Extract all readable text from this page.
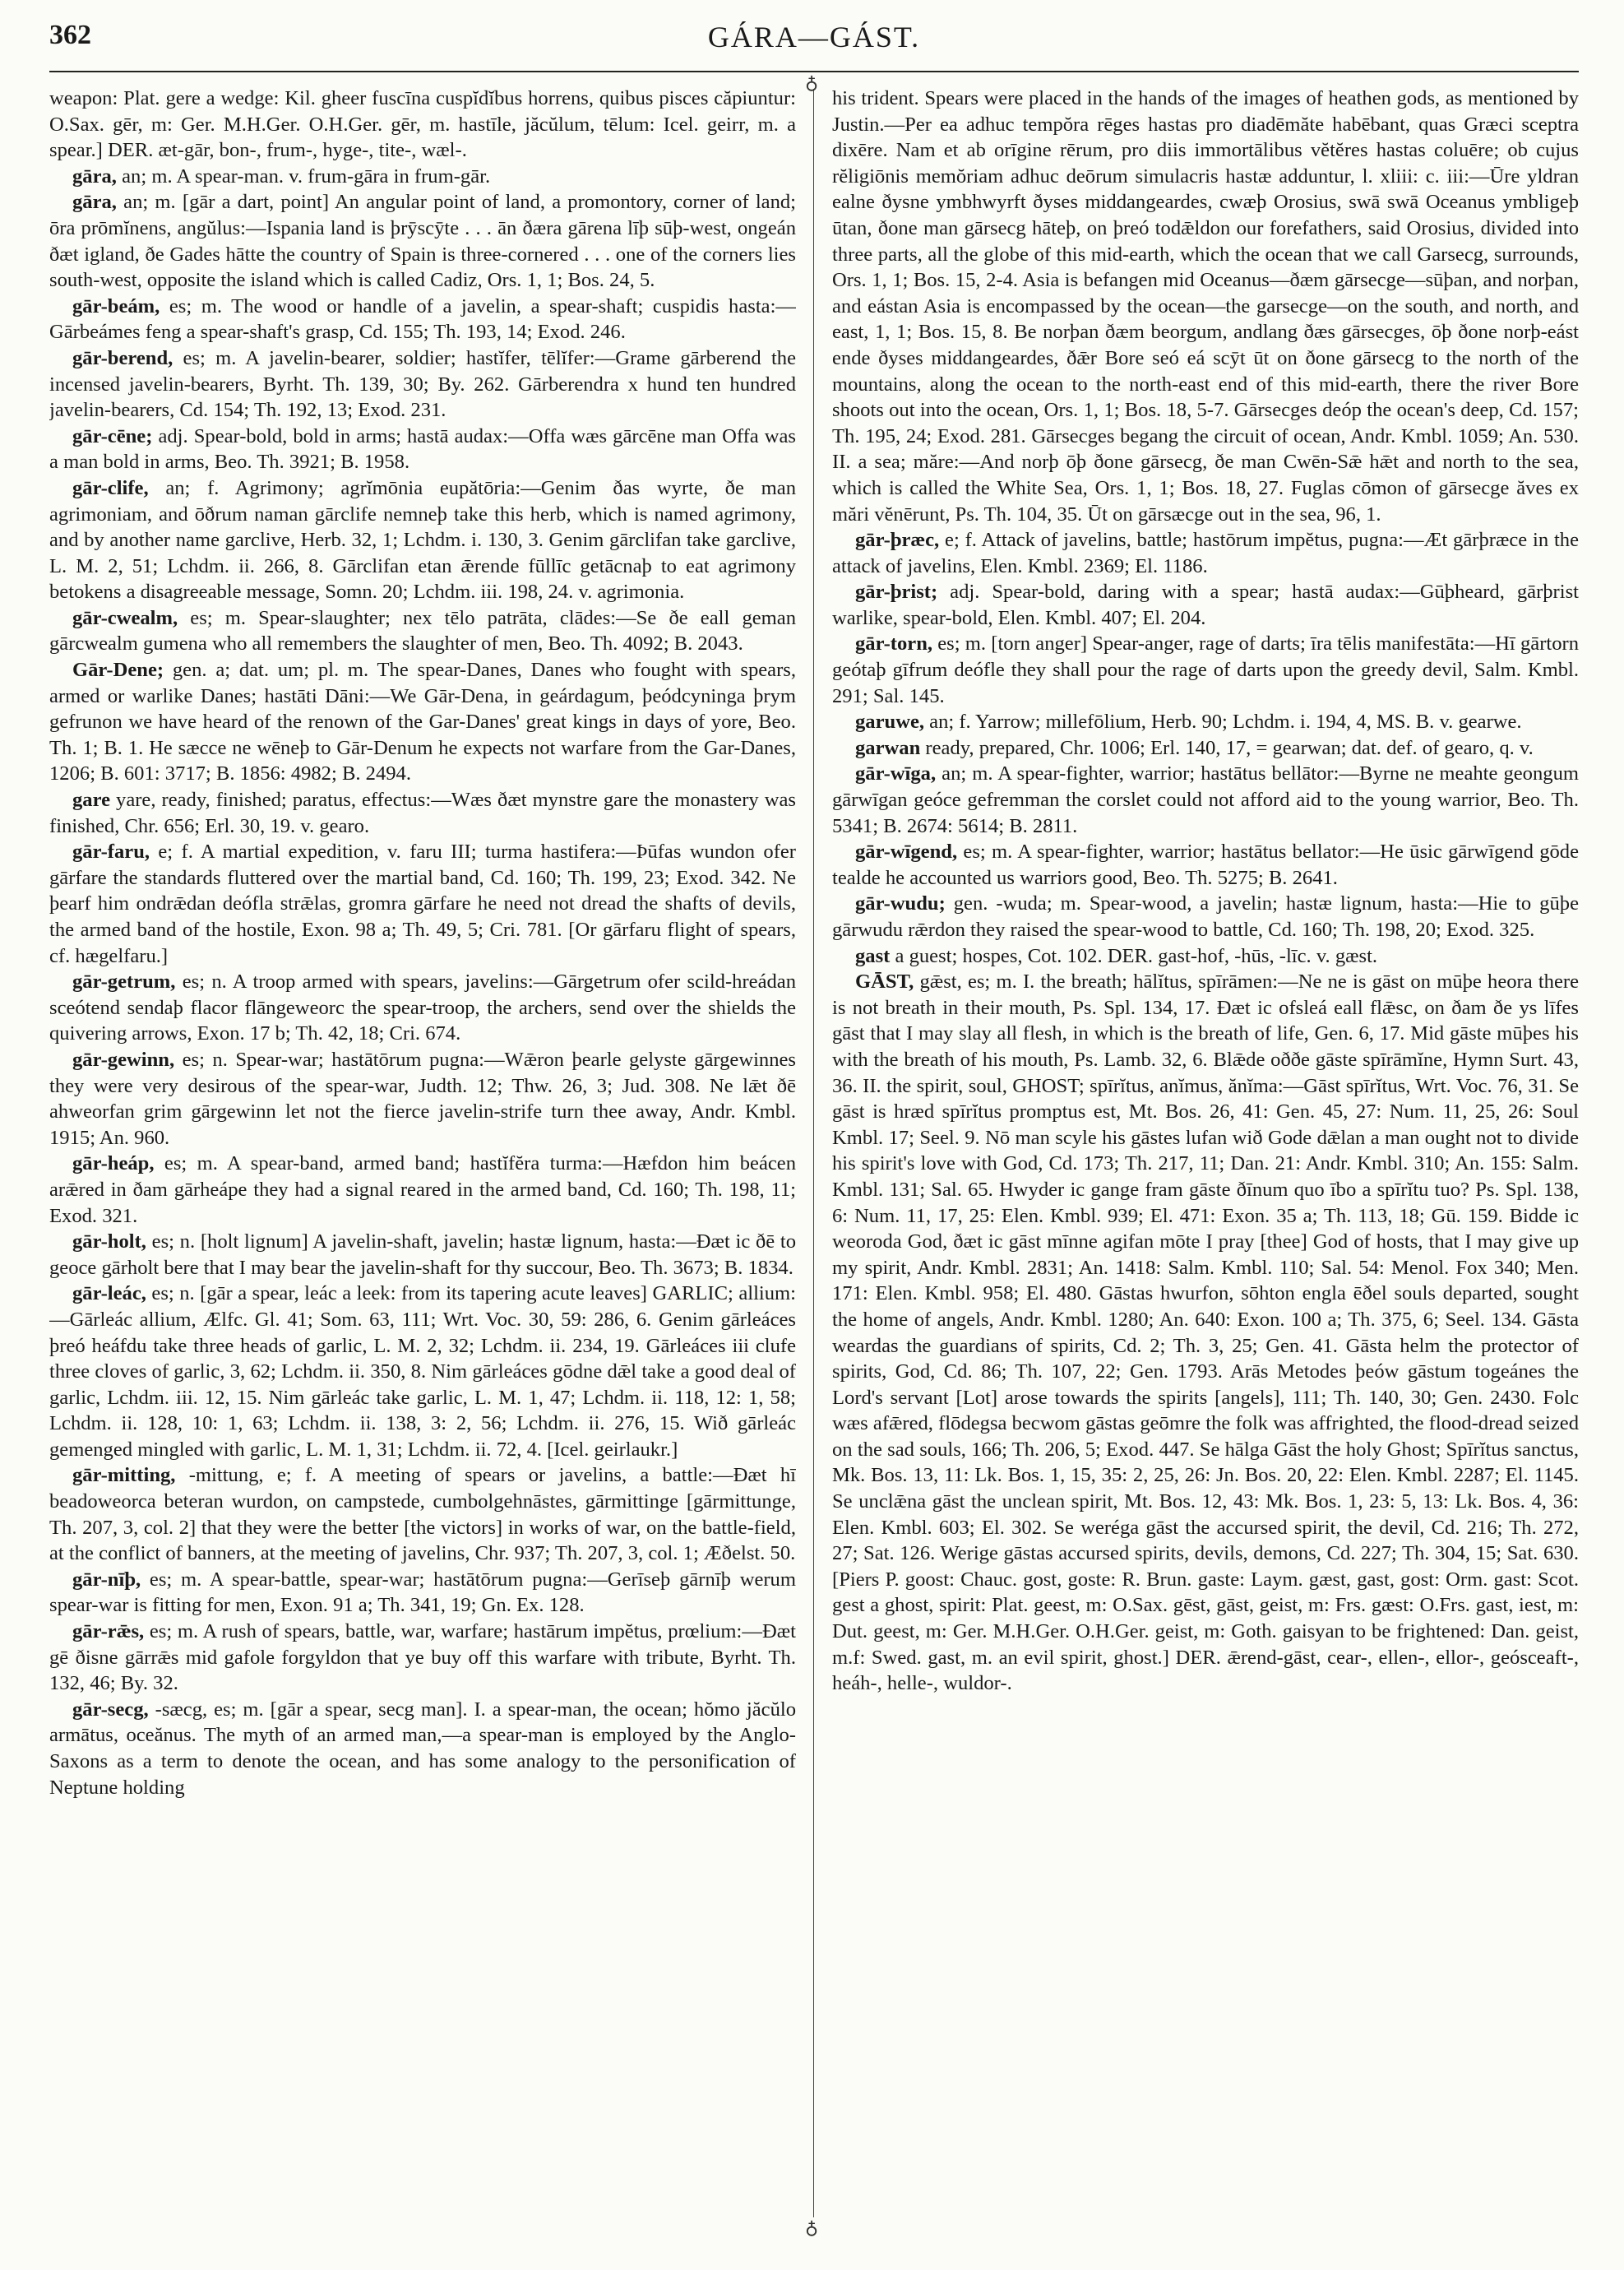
362	GÁRA—GÁST.

weapon: Plat. gere a wedge: Kil. gheer fuscīna cuspĭdĭbus horrens, quibus pisces căpiuntur: O.Sax. gēr, m: Ger. M.H.Ger. O.H.Ger. gēr, m. hastīle, jăcŭlum, tēlum: Icel. geirr, m. a spear.] DER. æt-gār, bon-, frum-, hyge-, tite-, wæl-.

gāra, an; m. A spear-man. v. frum-gāra in frum-gār.

gāra, an; m. [gār a dart, point] An angular point of land, a promontory, corner of land; ōra prōmĭnens, angŭlus:—Ispania land is þrȳscȳte . . . ān ðæra gārena līþ sūþ-west, ongeán ðæt igland, ðe Gades hātte the country of Spain is three-cornered . . . one of the corners lies south-west, opposite the island which is called Cadiz, Ors. 1, 1; Bos. 24, 5.

gār-beám, es; m. The wood or handle of a javelin, a spear-shaft; cuspidis hasta:—Gārbeámes feng a spear-shaft's grasp, Cd. 155; Th. 193, 14; Exod. 246.

gār-berend, es; m. A javelin-bearer, soldier; hastĭfer, tēlĭfer:—Grame gārberend the incensed javelin-bearers, Byrht. Th. 139, 30; By. 262. Gārberendra x hund ten hundred javelin-bearers, Cd. 154; Th. 192, 13; Exod. 231.

gār-cēne; adj. Spear-bold, bold in arms; hastā audax:—Offa wæs gārcēne man Offa was a man bold in arms, Beo. Th. 3921; B. 1958.

gār-clife, an; f. Agrimony; agrĭmōnia eupătōria:—Genim ðas wyrte, ðe man agrimoniam, and ōðrum naman gārclife nemneþ take this herb, which is named agrimony, and by another name garclive, Herb. 32, 1; Lchdm. i. 130, 3. Genim gārclifan take garclive, L. M. 2, 51; Lchdm. ii. 266, 8. Gārclifan etan ǣrende fūllīc getācnaþ to eat agrimony betokens a disagreeable message, Somn. 20; Lchdm. iii. 198, 24. v. agrimonia.

gār-cwealm, es; m. Spear-slaughter; nex tēlo patrāta, clādes:—Se ðe eall geman gārcwealm gumena who all remembers the slaughter of men, Beo. Th. 4092; B. 2043.

Gār-Dene; gen. a; dat. um; pl. m. The spear-Danes, Danes who fought with spears, armed or warlike Danes; hastāti Dāni:—We Gār-Dena, in geárdagum, þeódcyninga þrym gefrunon we have heard of the renown of the Gar-Danes' great kings in days of yore, Beo. Th. 1; B. 1. He sæcce ne wēneþ to Gār-Denum he expects not warfare from the Gar-Danes, 1206; B. 601: 3717; B. 1856: 4982; B. 2494.

gare yare, ready, finished; paratus, effectus:—Wæs ðæt mynstre gare the monastery was finished, Chr. 656; Erl. 30, 19. v. gearo.

gār-faru, e; f. A martial expedition, v. faru III; turma hastifera:—Þūfas wundon ofer gārfare the standards fluttered over the martial band, Cd. 160; Th. 199, 23; Exod. 342. Ne þearf him ondrǣdan deófla strǣlas, gromra gārfare he need not dread the shafts of devils, the armed band of the hostile, Exon. 98 a; Th. 49, 5; Cri. 781. [Or gārfaru flight of spears, cf. hægelfaru.]

gār-getrum, es; n. A troop armed with spears, javelins:—Gārgetrum ofer scild-hreádan sceótend sendaþ flacor flāngeweorc the spear-troop, the archers, send over the shields the quivering arrows, Exon. 17 b; Th. 42, 18; Cri. 674.

gār-gewinn, es; n. Spear-war; hastātōrum pugna:—Wǣron þearle gelyste gārgewinnes they were very desirous of the spear-war, Judth. 12; Thw. 26, 3; Jud. 308. Ne lǣt ðē ahweorfan grim gārgewinn let not the fierce javelin-strife turn thee away, Andr. Kmbl. 1915; An. 960.

gār-heáp, es; m. A spear-band, armed band; hastĭfĕra turma:—Hæfdon him beácen arǣred in ðam gārheápe they had a signal reared in the armed band, Cd. 160; Th. 198, 11; Exod. 321.

gār-holt, es; n. [holt lignum] A javelin-shaft, javelin; hastæ lignum, hasta:—Ðæt ic ðē to geoce gārholt bere that I may bear the javelin-shaft for thy succour, Beo. Th. 3673; B. 1834.

gār-leác, es; n. [gār a spear, leác a leek: from its tapering acute leaves] GARLIC; allium:—Gārleác allium, Ælfc. Gl. 41; Som. 63, 111; Wrt. Voc. 30, 59: 286, 6. Genim gārleáces þreó heáfdu take three heads of garlic, L. M. 2, 32; Lchdm. ii. 234, 19. Gārleáces iii clufe three cloves of garlic, 3, 62; Lchdm. ii. 350, 8. Nim gārleáces gōdne dǣl take a good deal of garlic, Lchdm. iii. 12, 15. Nim gārleác take garlic, L. M. 1, 47; Lchdm. ii. 118, 12: 1, 58; Lchdm. ii. 128, 10: 1, 63; Lchdm. ii. 138, 3: 2, 56; Lchdm. ii. 276, 15. Wið gārleác gemenged mingled with garlic, L. M. 1, 31; Lchdm. ii. 72, 4. [Icel. geirlaukr.]

gār-mitting, -mittung, e; f. A meeting of spears or javelins, a battle:—Ðæt hī beadoweorca beteran wurdon, on campstede, cumbolgehnāstes, gārmittinge [gārmittunge, Th. 207, 3, col. 2] that they were the better [the victors] in works of war, on the battle-field, at the conflict of banners, at the meeting of javelins, Chr. 937; Th. 207, 3, col. 1; Æðelst. 50.

gār-nīþ, es; m. A spear-battle, spear-war; hastātōrum pugna:—Gerīseþ gārnīþ werum spear-war is fitting for men, Exon. 91 a; Th. 341, 19; Gn. Ex. 128.

gār-rǣs, es; m. A rush of spears, battle, war, warfare; hastārum impĕtus, prœlium:—Ðæt gē ðisne gārrǣs mid gafole forgyldon that ye buy off this warfare with tribute, Byrht. Th. 132, 46; By. 32.

gār-secg, -sæcg, es; m. [gār a spear, secg man]. I. a spear-man, the ocean; hŏmo jăcŭlo armātus, oceănus. The myth of an armed man,—a spear-man is employed by the Anglo-Saxons as a term to denote the ocean, and has some analogy to the personification of Neptune holding

♁
♁

his trident. Spears were placed in the hands of the images of heathen gods, as mentioned by Justin.—Per ea adhuc tempŏra rēges hastas pro diadēmăte habēbant, quas Græci sceptra dixēre. Nam et ab orīgine rērum, pro diis immortālibus vĕtĕres hastas coluēre; ob cujus rĕligiōnis memŏriam adhuc deōrum simulacris hastæ adduntur, l. xliii: c. iii:—Ūre yldran ealne ðysne ymbhwyrft ðyses middangeardes, cwæþ Orosius, swā swā Oceanus ymbligeþ ūtan, ðone man gārsecg hāteþ, on þreó todǣldon our forefathers, said Orosius, divided into three parts, all the globe of this mid-earth, which the ocean that we call Garsecg, surrounds, Ors. 1, 1; Bos. 15, 2-4. Asia is befangen mid Oceanus—ðæm gārsecge—sūþan, and norþan, and eástan Asia is encompassed by the ocean—the garsecge—on the south, and north, and east, 1, 1; Bos. 15, 8. Be norþan ðæm beorgum, andlang ðæs gārsecges, ōþ ðone norþ-eást ende ðyses middangeardes, ðǣr Bore seó eá scȳt ūt on ðone gārsecg to the north of the mountains, along the ocean to the north-east end of this mid-earth, there the river Bore shoots out into the ocean, Ors. 1, 1; Bos. 18, 5-7. Gārsecges deóp the ocean's deep, Cd. 157; Th. 195, 24; Exod. 281. Gārsecges begang the circuit of ocean, Andr. Kmbl. 1059; An. 530. II. a sea; măre:—And norþ ōþ ðone gārsecg, ðe man Cwēn-Sǣ hǣt and north to the sea, which is called the White Sea, Ors. 1, 1; Bos. 18, 27. Fuglas cōmon of gārsecge ăves ex mări vĕnērunt, Ps. Th. 104, 35. Ūt on gārsæcge out in the sea, 96, 1.

gār-þræc, e; f. Attack of javelins, battle; hastōrum impĕtus, pugna:—Æt gārþræce in the attack of javelins, Elen. Kmbl. 2369; El. 1186.

gār-þrist; adj. Spear-bold, daring with a spear; hastā audax:—Gūþheard, gārþrist warlike, spear-bold, Elen. Kmbl. 407; El. 204.

gār-torn, es; m. [torn anger] Spear-anger, rage of darts; īra tēlis manifestāta:—Hī gārtorn geótaþ gīfrum deófle they shall pour the rage of darts upon the greedy devil, Salm. Kmbl. 291; Sal. 145.

garuwe, an; f. Yarrow; millefōlium, Herb. 90; Lchdm. i. 194, 4, MS. B. v. gearwe.

garwan ready, prepared, Chr. 1006; Erl. 140, 17, = gearwan; dat. def. of gearo, q. v.

gār-wīga, an; m. A spear-fighter, warrior; hastātus bellātor:—Byrne ne meahte geongum gārwīgan geóce gefremman the corslet could not afford aid to the young warrior, Beo. Th. 5341; B. 2674: 5614; B. 2811.

gār-wīgend, es; m. A spear-fighter, warrior; hastātus bellator:—He ūsic gārwīgend gōde tealde he accounted us warriors good, Beo. Th. 5275; B. 2641.

gār-wudu; gen. -wuda; m. Spear-wood, a javelin; hastæ lignum, hasta:—Hie to gūþe gārwudu rǣrdon they raised the spear-wood to battle, Cd. 160; Th. 198, 20; Exod. 325.

gast a guest; hospes, Cot. 102. DER. gast-hof, -hūs, -līc. v. gæst.

GĀST, gǣst, es; m. I. the breath; hālĭtus, spīrāmen:—Ne ne is gāst on mūþe heora there is not breath in their mouth, Ps. Spl. 134, 17. Ðæt ic ofsleá eall flǣsc, on ðam ðe ys līfes gāst that I may slay all flesh, in which is the breath of life, Gen. 6, 17. Mid gāste mūþes his with the breath of his mouth, Ps. Lamb. 32, 6. Blǣde oððe gāste spīrāmĭne, Hymn Surt. 43, 36. II. the spirit, soul, GHOST; spīrĭtus, anĭmus, ănĭma:—Gāst spīrĭtus, Wrt. Voc. 76, 31. Se gāst is hræd spīrĭtus promptus est, Mt. Bos. 26, 41: Gen. 45, 27: Num. 11, 25, 26: Soul Kmbl. 17; Seel. 9. Nō man scyle his gāstes lufan wið Gode dǣlan a man ought not to divide his spirit's love with God, Cd. 173; Th. 217, 11; Dan. 21: Andr. Kmbl. 310; An. 155: Salm. Kmbl. 131; Sal. 65. Hwyder ic gange fram gāste ðīnum quo ībo a spīrĭtu tuo? Ps. Spl. 138, 6: Num. 11, 17, 25: Elen. Kmbl. 939; El. 471: Exon. 35 a; Th. 113, 18; Gū. 159. Bidde ic weoroda God, ðæt ic gāst mīnne agifan mōte I pray [thee] God of hosts, that I may give up my spirit, Andr. Kmbl. 2831; An. 1418: Salm. Kmbl. 110; Sal. 54: Menol. Fox 340; Men. 171: Elen. Kmbl. 958; El. 480. Gāstas hwurfon, sōhton engla ēðel souls departed, sought the home of angels, Andr. Kmbl. 1280; An. 640: Exon. 100 a; Th. 375, 6; Seel. 134. Gāsta weardas the guardians of spirits, Cd. 2; Th. 3, 25; Gen. 41. Gāsta helm the protector of spirits, God, Cd. 86; Th. 107, 22; Gen. 1793. Arās Metodes þeów gāstum togeánes the Lord's servant [Lot] arose towards the spirits [angels], 111; Th. 140, 30; Gen. 2430. Folc wæs afǣred, flōdegsa becwom gāstas geōmre the folk was affrighted, the flood-dread seized on the sad souls, 166; Th. 206, 5; Exod. 447. Se hālga Gāst the holy Ghost; Spīrĭtus sanctus, Mk. Bos. 13, 11: Lk. Bos. 1, 15, 35: 2, 25, 26: Jn. Bos. 20, 22: Elen. Kmbl. 2287; El. 1145. Se unclǣna gāst the unclean spirit, Mt. Bos. 12, 43: Mk. Bos. 1, 23: 5, 13: Lk. Bos. 4, 36: Elen. Kmbl. 603; El. 302. Se weréga gāst the accursed spirit, the devil, Cd. 216; Th. 272, 27; Sat. 126. Werige gāstas accursed spirits, devils, demons, Cd. 227; Th. 304, 15; Sat. 630. [Piers P. goost: Chauc. gost, goste: R. Brun. gaste: Laym. gæst, gast, gost: Orm. gast: Scot. gest a ghost, spirit: Plat. geest, m: O.Sax. gēst, gāst, geist, m: Frs. gæst: O.Frs. gast, iest, m: Dut. geest, m: Ger. M.H.Ger. O.H.Ger. geist, m: Goth. gaisyan to be frightened: Dan. geist, m.f: Swed. gast, m. an evil spirit, ghost.] DER. ǣrend-gāst, cear-, ellen-, ellor-, geósceaft-, heáh-, helle-, wuldor-.
